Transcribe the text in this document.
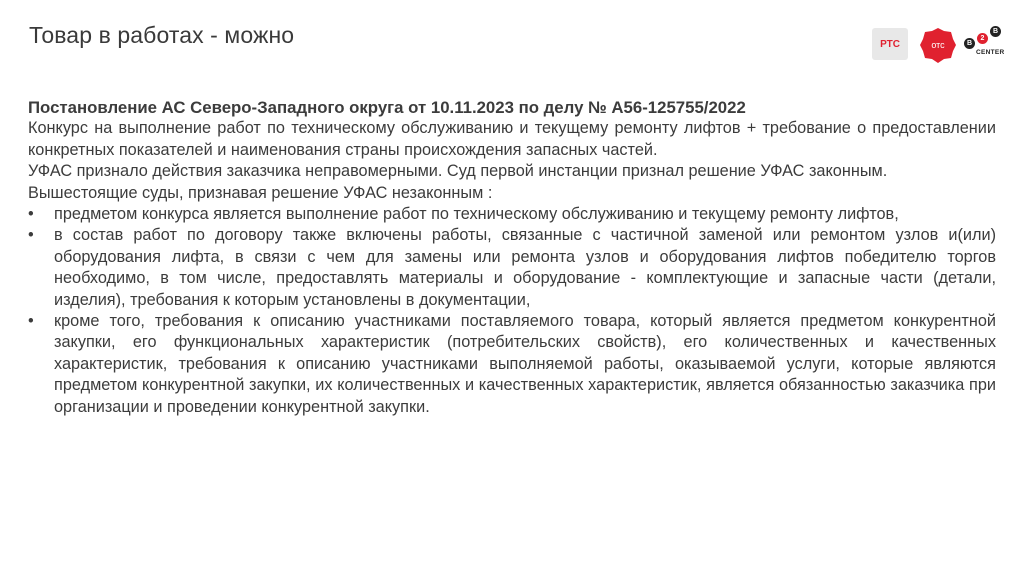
Товар в работах - можно	РТС	отс	B
2
B
CENTER

Постановление АС Северо-Западного округа от 10.11.2023 по делу № А56-125755/2022

Конкурс на выполнение работ по техническому обслуживанию и текущему ремонту лифтов + требование о предоставлении конкретных показателей и наименования страны происхождения запасных частей.

УФАС признало действия заказчика неправомерными. Суд первой инстанции признал решение УФАС законным.

Вышестоящие суды, признавая решение УФАС незаконным :

•	предметом конкурса является выполнение работ по техническому обслуживанию и текущему ремонту лифтов,
•	в состав работ по договору также включены работы, связанные с частичной заменой или ремонтом узлов и(или) оборудования лифта, в связи с чем для замены или ремонта узлов и оборудования лифтов победителю торгов необходимо, в том числе, предоставлять материалы и оборудование - комплектующие и запасные части (детали, изделия), требования к которым установлены в документации,
•	кроме того, требования к описанию участниками поставляемого товара, который является предметом конкурентной закупки, его функциональных характеристик (потребительских свойств), его количественных и качественных характеристик, требования к описанию участниками выполняемой работы, оказываемой услуги, которые являются предметом конкурентной закупки, их количественных и качественных характеристик, является обязанностью заказчика при организации и проведении конкурентной закупки.
